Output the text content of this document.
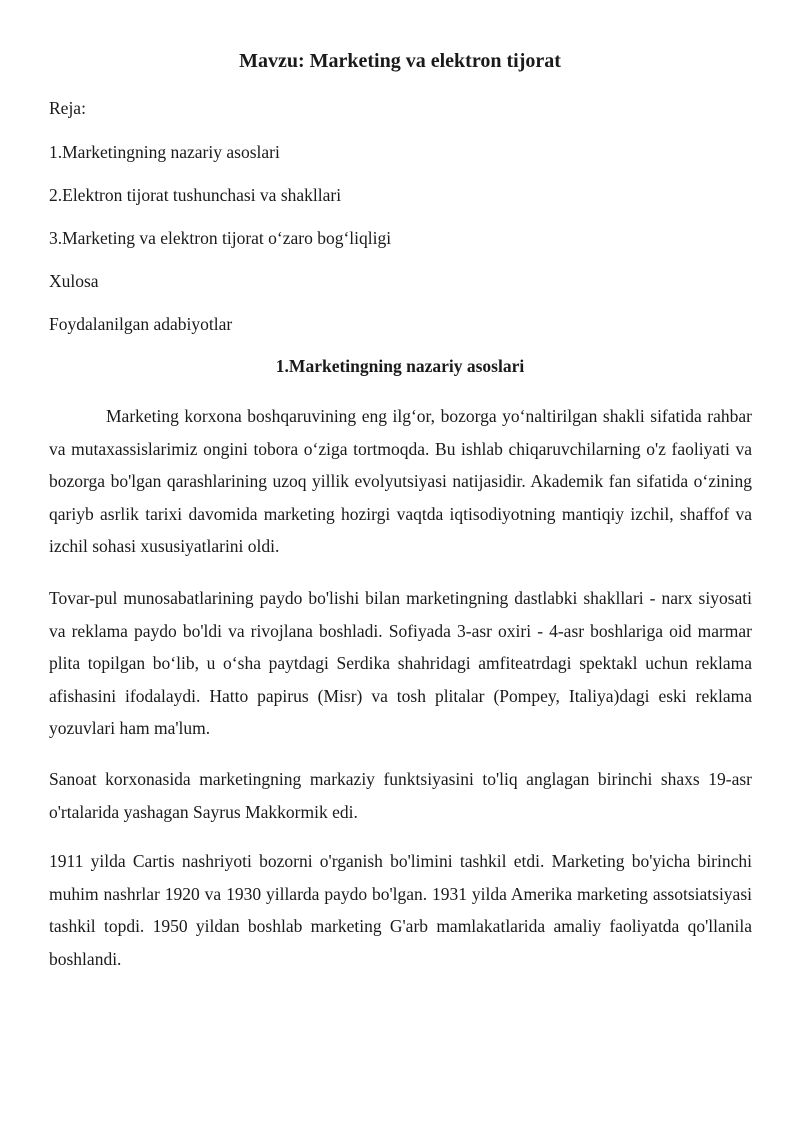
Mavzu: Marketing va elektron tijorat
Reja:
1.Marketingning nazariy asoslari
2.Elektron tijorat tushunchasi va shakllari
3.Marketing va elektron tijorat o‘zaro bog‘liqligi
Xulosa
Foydalanilgan adabiyotlar
1.Marketingning nazariy asoslari

Marketing korxona boshqaruvining eng ilg‘or, bozorga yo‘naltirilgan shakli sifatida rahbar va mutaxassislarimiz ongini tobora o‘ziga tortmoqda. Bu ishlab chiqaruvchilarning o'z faoliyati va bozorga bo'lgan qarashlarining uzoq yillik evolyutsiyasi natijasidir. Akademik fan sifatida o‘zining qariyb asrlik tarixi davomida marketing hozirgi vaqtda iqtisodiyotning mantiqiy izchil, shaffof va izchil sohasi xususiyatlarini oldi.

Tovar-pul munosabatlarining paydo bo'lishi bilan marketingning dastlabki shakllari - narx siyosati va reklama paydo bo'ldi va rivojlana boshladi. Sofiyada 3-asr oxiri - 4-asr boshlariga oid marmar plita topilgan bo‘lib, u o‘sha paytdagi Serdika shahridagi amfiteatrdagi spektakl uchun reklama afishasini ifodalaydi. Hatto papirus (Misr) va tosh plitalar (Pompey, Italiya)dagi eski reklama yozuvlari ham ma'lum.

Sanoat korxonasida marketingning markaziy funktsiyasini to'liq anglagan birinchi shaxs 19-asr o'rtalarida yashagan Sayrus Makkormik edi.

1911 yilda Cartis nashriyoti bozorni o'rganish bo'limini tashkil etdi. Marketing bo'yicha birinchi muhim nashrlar 1920 va 1930 yillarda paydo bo'lgan. 1931 yilda Amerika marketing assotsiatsiyasi tashkil topdi. 1950 yildan boshlab marketing G'arb mamlakatlarida amaliy faoliyatda qo'llanila boshlandi.
